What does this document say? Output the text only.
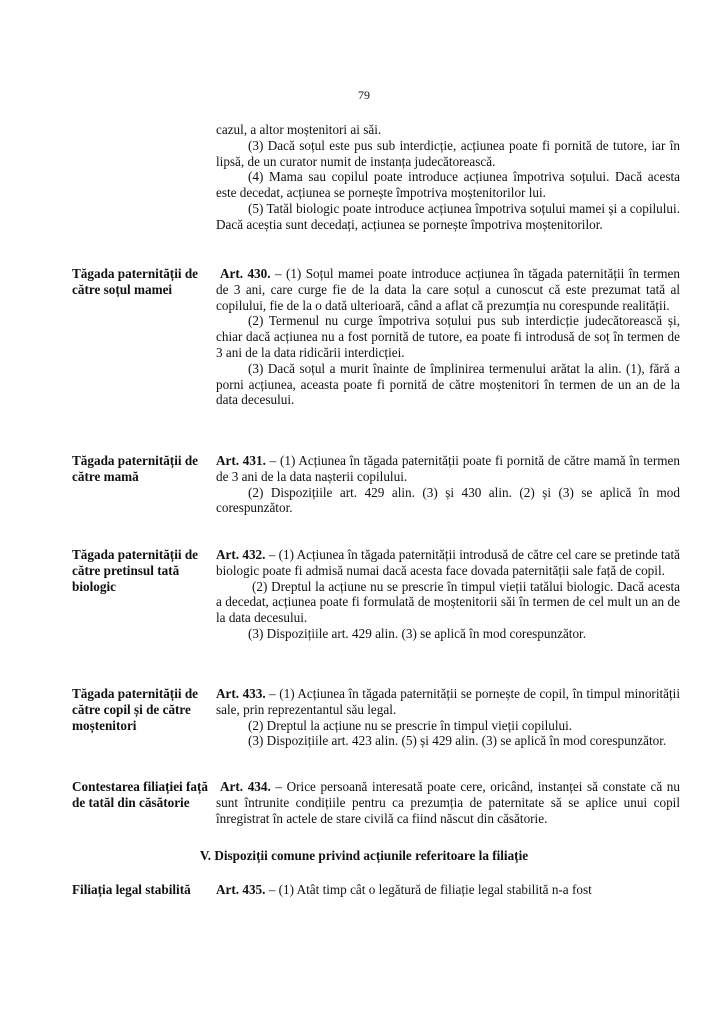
79

cazul, a altor moștenitori ai săi.

(3) Dacă soțul este pus sub interdicție, acțiunea poate fi pornită de tutore, iar în lipsă, de un curator numit de instanța judecătorească.

(4) Mama sau copilul poate introduce acțiunea împotriva soțului. Dacă acesta este decedat, acțiunea se pornește împotriva moștenitorilor lui.

(5) Tatăl biologic poate introduce acțiunea împotriva soțului mamei și a copilului. Dacă aceștia sunt decedați, acțiunea se pornește împotriva moștenitorilor.

Tăgada paternității de către soțul mamei

Art. 430. – (1) Soțul mamei poate introduce acțiunea în tăgada paternității în termen de 3 ani, care curge fie de la data la care soțul a cunoscut că este prezumat tată al copilului, fie de la o dată ulterioară, când a aflat că prezumția nu corespunde realității.

(2) Termenul nu curge împotriva soțului pus sub interdicție judecătorească și, chiar dacă acțiunea nu a fost pornită de tutore, ea poate fi introdusă de soț în termen de 3 ani de la data ridicării interdicției.

(3) Dacă soțul a murit înainte de împlinirea termenului arătat la alin. (1), fără a porni acțiunea, aceasta poate fi pornită de către moștenitori în termen de un an de la data decesului.

Tăgada paternității de către mamă

Art. 431. – (1) Acțiunea în tăgada paternității poate fi pornită de către mamă în termen de 3 ani de la data nașterii copilului.

(2) Dispozițiile art. 429 alin. (3) și 430 alin. (2) și (3) se aplică în mod corespunzător.

Tăgada paternității de către pretinsul tată biologic

Art. 432. – (1) Acțiunea în tăgada paternității introdusă de către cel care se pretinde tată biologic poate fi admisă numai dacă acesta face dovada paternității sale față de copil.

(2) Dreptul la acțiune nu se prescrie în timpul vieții tatălui biologic. Dacă acesta a decedat, acțiunea poate fi formulată de moștenitorii săi în termen de cel mult un an de la data decesului.

(3) Dispozițiile art. 429 alin. (3) se aplică în mod corespunzător.

Tăgada paternității de către copil și de către moștenitori

Art. 433. – (1) Acțiunea în tăgada paternității se pornește de copil, în timpul minorității sale, prin reprezentantul său legal.

(2) Dreptul la acțiune nu se prescrie în timpul vieții copilului.

(3) Dispozițiile art. 423 alin. (5) și 429 alin. (3) se aplică în mod corespunzător.

Contestarea filiației față de tatăl din căsătorie

Art. 434. – Orice persoană interesată poate cere, oricând, instanței să constate că nu sunt întrunite condițiile pentru ca prezumția de paternitate să se aplice unui copil înregistrat în actele de stare civilă ca fiind născut din căsătorie.

V. Dispoziții comune privind acțiunile referitoare la filiație
Filiația legal stabilită	Art. 435. – (1) Atât timp cât o legătură de filiație legal stabilită n-a fost
